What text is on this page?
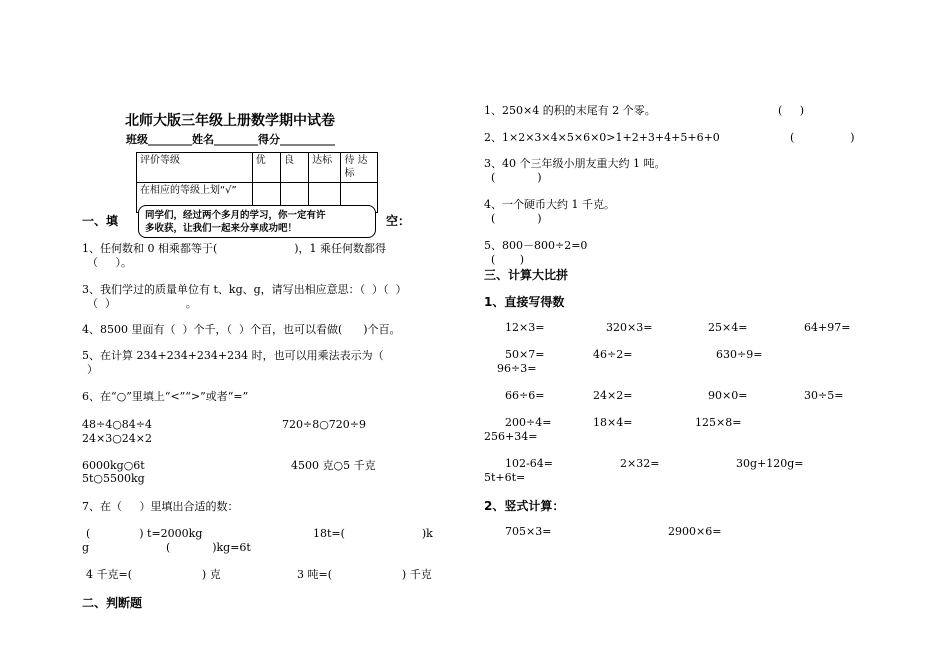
北师大版三年级上册数学期中试卷
班级________姓名________得分__________
评价等级	优	良	达标	待 达 标
在相应的等级上划“√”				
一、填	空：
同学们，经过两个多月的学习，你一定有许
多收获，让我们一起来分享成功吧！
1、任何数和 0 相乘都等于(                      )，1 乘任何数都得
（     ）。
3、我们学过的质量单位有 t、kg、g，请写出相应意思：（  ）（  ）
（  ）                    。
4、8500 里面有（  ）个千，（  ）个百，也可以看做(      )个百。
5、在计算 234+234+234+234 时，也可以用乘法表示为（
）
6、在“○”里填上“<”“>”或者“=”
48÷4○84÷4	720÷8○720÷9
24×3○24×2
6000kg○6t	4500 克○5 千克
5t○5500kg
7、在（     ）里填出合适的数：
(              ) t=2000kg	18t=(                      )k
g                      (            )kg=6t
4 千克=(                    ) 克	3 吨=(                    ) 千克
二、判断题
1、250×4 的积的末尾有 2 个零。	(     )
2、1×2×3×4×5×6×0>1+2+3+4+5+6+0	(                )
3、40 个三年级小朋友重大约 1 吨。
(            )
4、一个硬币大约 1 千克。
(            )
5、800－800÷2=0
(       )
三、计算大比拼
1、直接写得数
12×3=	320×3=	25×4=	64+97=
50×7=	46÷2=	630÷9=
96÷3=
66÷6=	24×2=	90×0=	30÷5=
200÷4=	18×4=	125×8=
256+34=
102-64=	2×32=	30g+120g=
5t+6t=
2、竖式计算：
705×3=	2900×6=
